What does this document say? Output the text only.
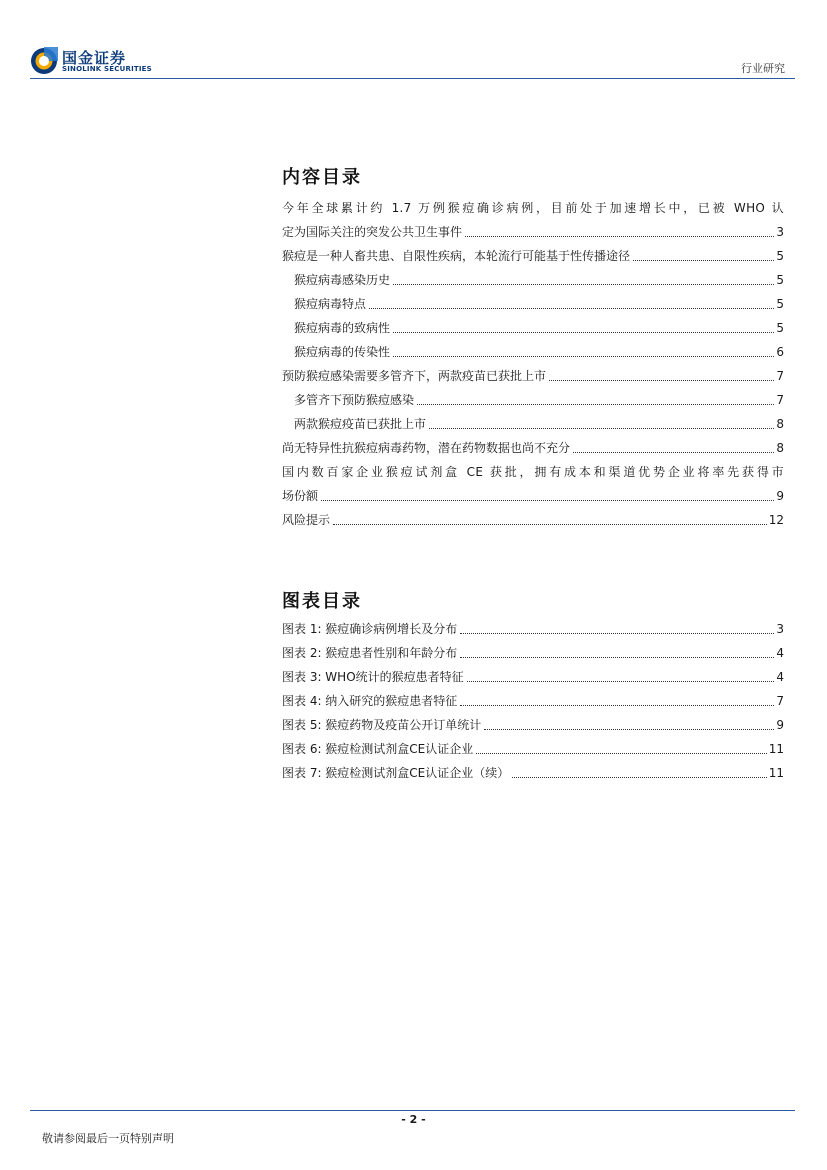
国金证券
SINOLINK SECURITIES	行业研究
内容目录
今年全球累计约 1.7 万例猴痘确诊病例，目前处于加速增长中，已被 WHO 认
定为国际关注的突发公共卫生事件	3
猴痘是一种人畜共患、自限性疾病，本轮流行可能基于性传播途径	5
猴痘病毒感染历史	5
猴痘病毒特点	5
猴痘病毒的致病性	5
猴痘病毒的传染性	6
预防猴痘感染需要多管齐下，两款疫苗已获批上市	7
多管齐下预防猴痘感染	7
两款猴痘疫苗已获批上市	8
尚无特异性抗猴痘病毒药物，潜在药物数据也尚不充分	8
国内数百家企业猴痘试剂盒 CE 获批，拥有成本和渠道优势企业将率先获得市
场份额	9
风险提示	12
图表目录
图表 1: 猴痘确诊病例增长及分布	3
图表 2: 猴痘患者性别和年龄分布	4
图表 3: WHO统计的猴痘患者特征	4
图表 4: 纳入研究的猴痘患者特征	7
图表 5: 猴痘药物及疫苗公开订单统计	9
图表 6: 猴痘检测试剂盒CE认证企业	11
图表 7: 猴痘检测试剂盒CE认证企业（续）	11
- 2 -
敬请参阅最后一页特别声明
